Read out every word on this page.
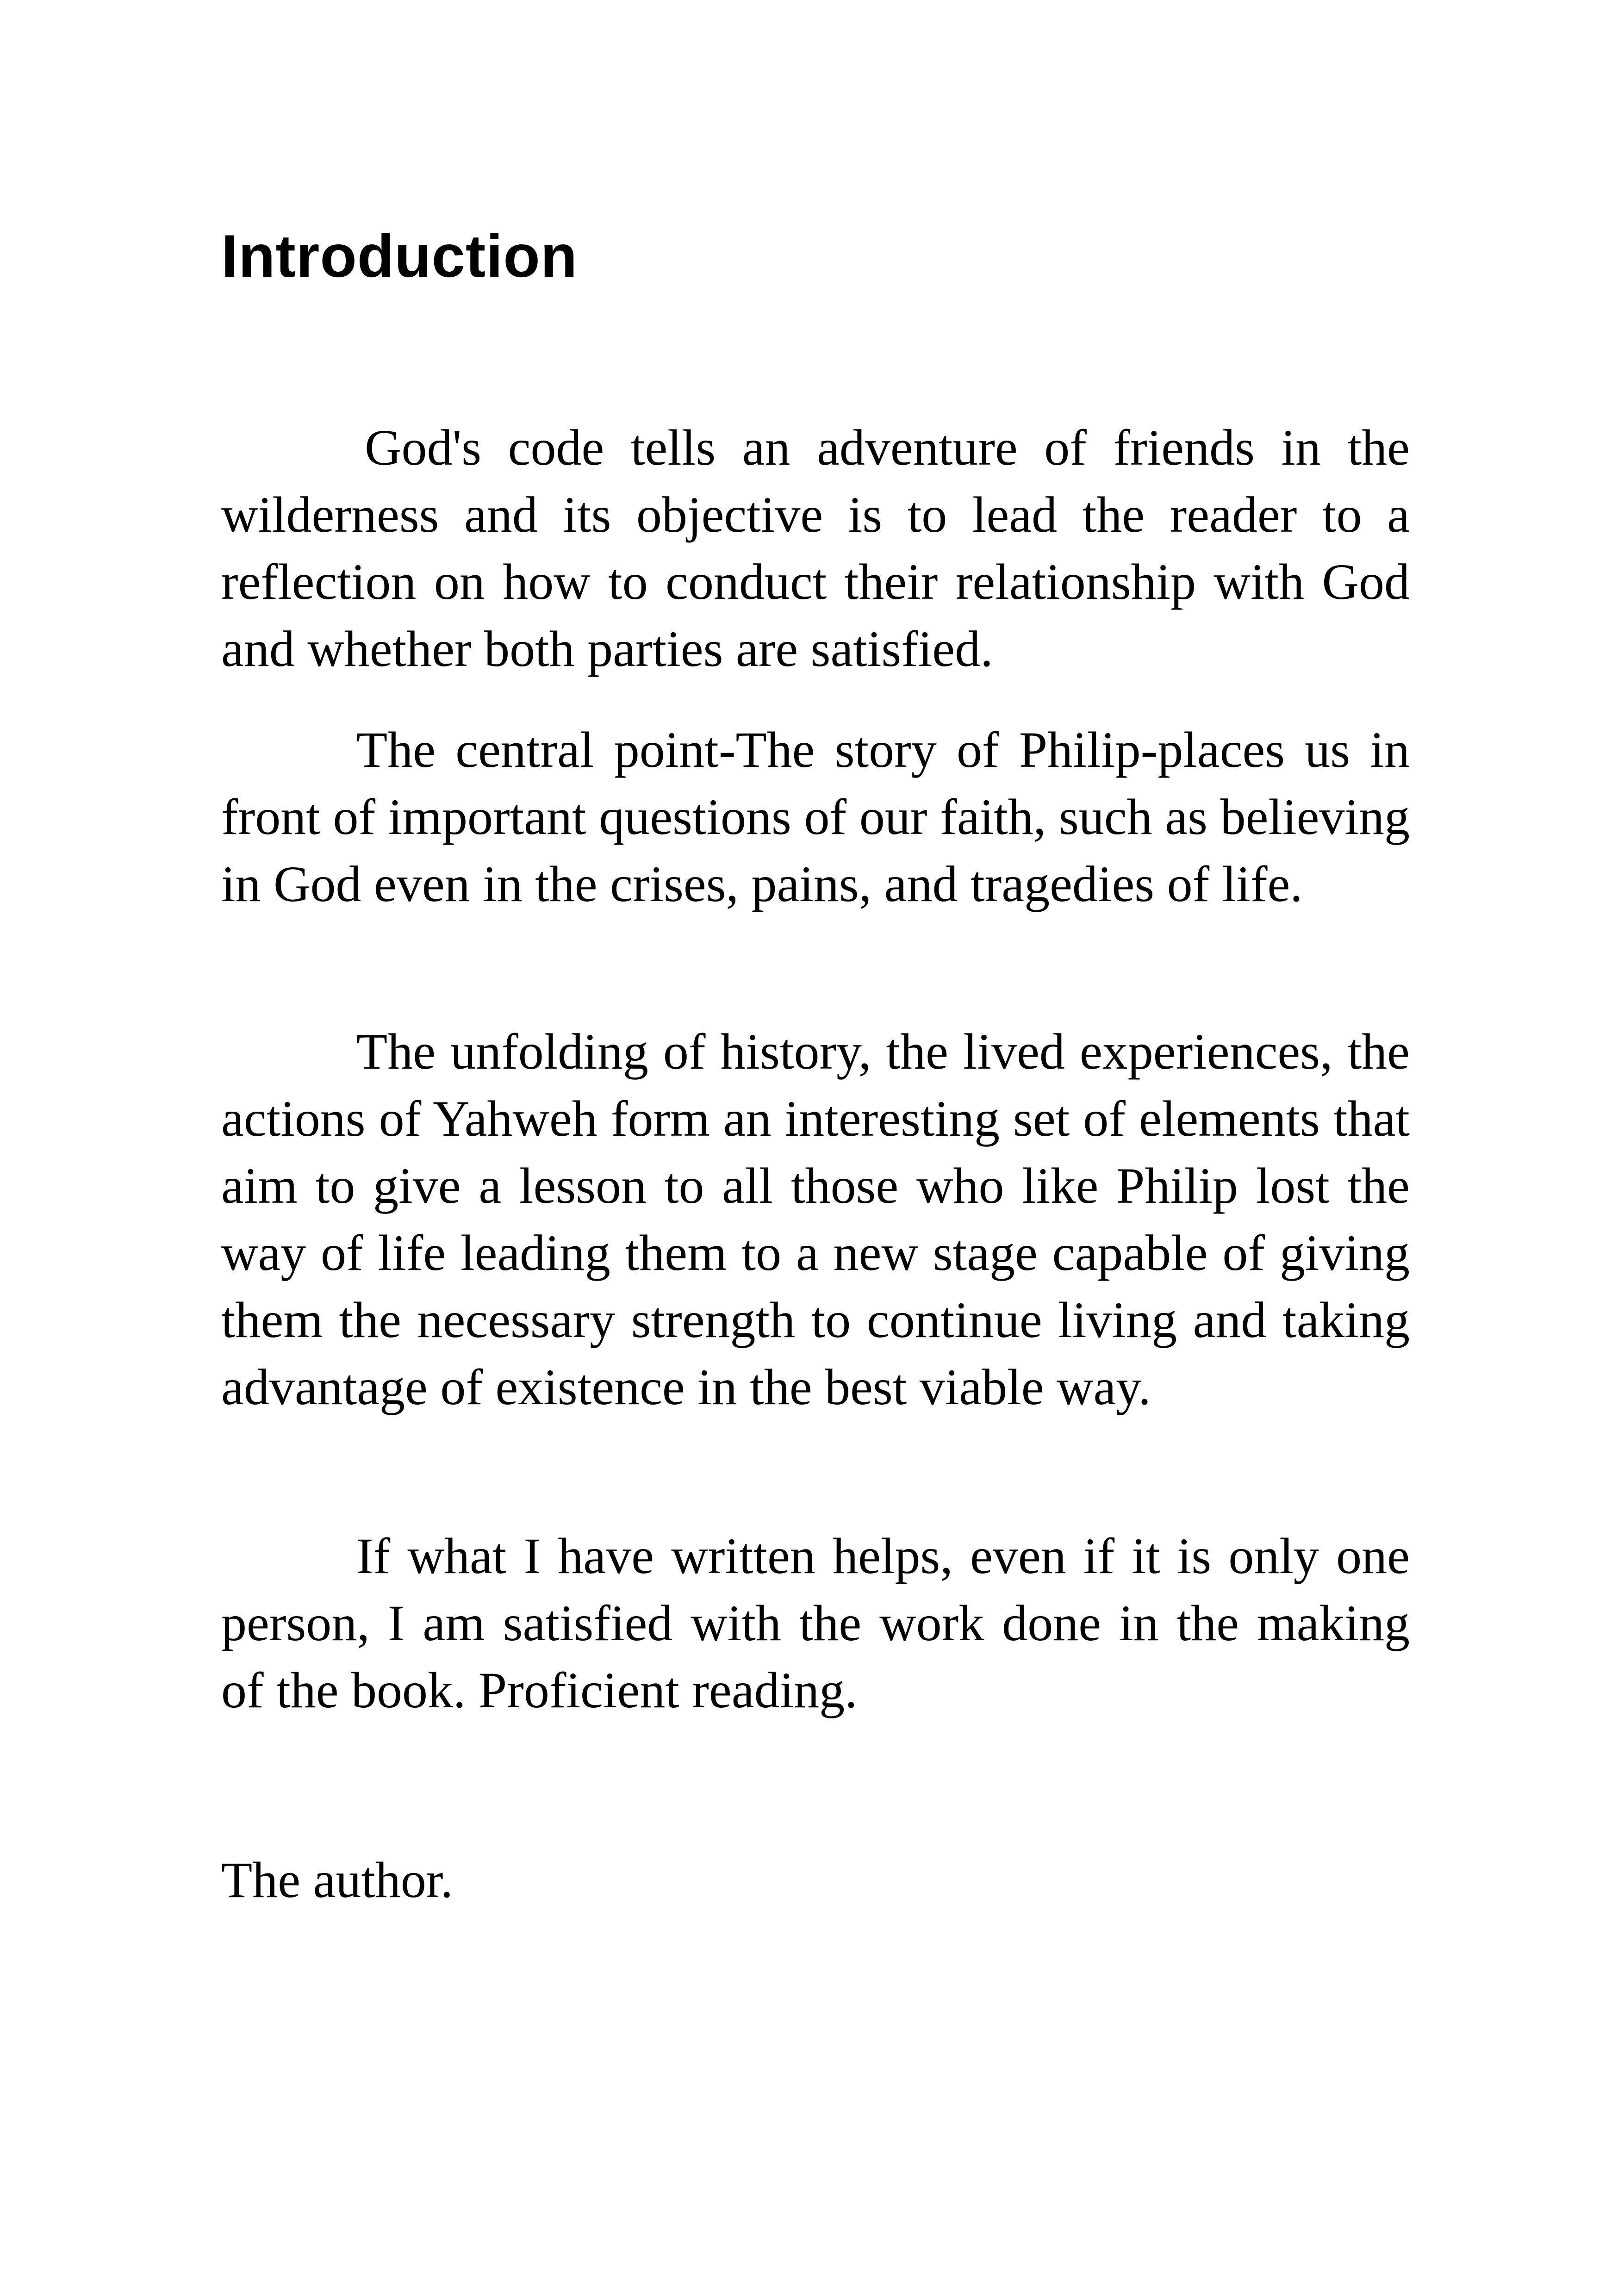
Introduction

God's code tells an adventure of friends in the wilderness and its objective is to lead the reader to a reflection on how to conduct their relationship with God and whether both parties are satisfied.

The central point-The story of Philip-places us in front of important questions of our faith, such as believing in God even in the crises, pains, and tragedies of life.

The unfolding of history, the lived experiences, the actions of Yahweh form an interesting set of elements that aim to give a lesson to all those who like Philip lost the way of life leading them to a new stage capable of giving them the necessary strength to continue living and taking advantage of existence in the best viable way.

If what I have written helps, even if it is only one person, I am satisfied with the work done in the making of the book. Proficient reading.

The author.
